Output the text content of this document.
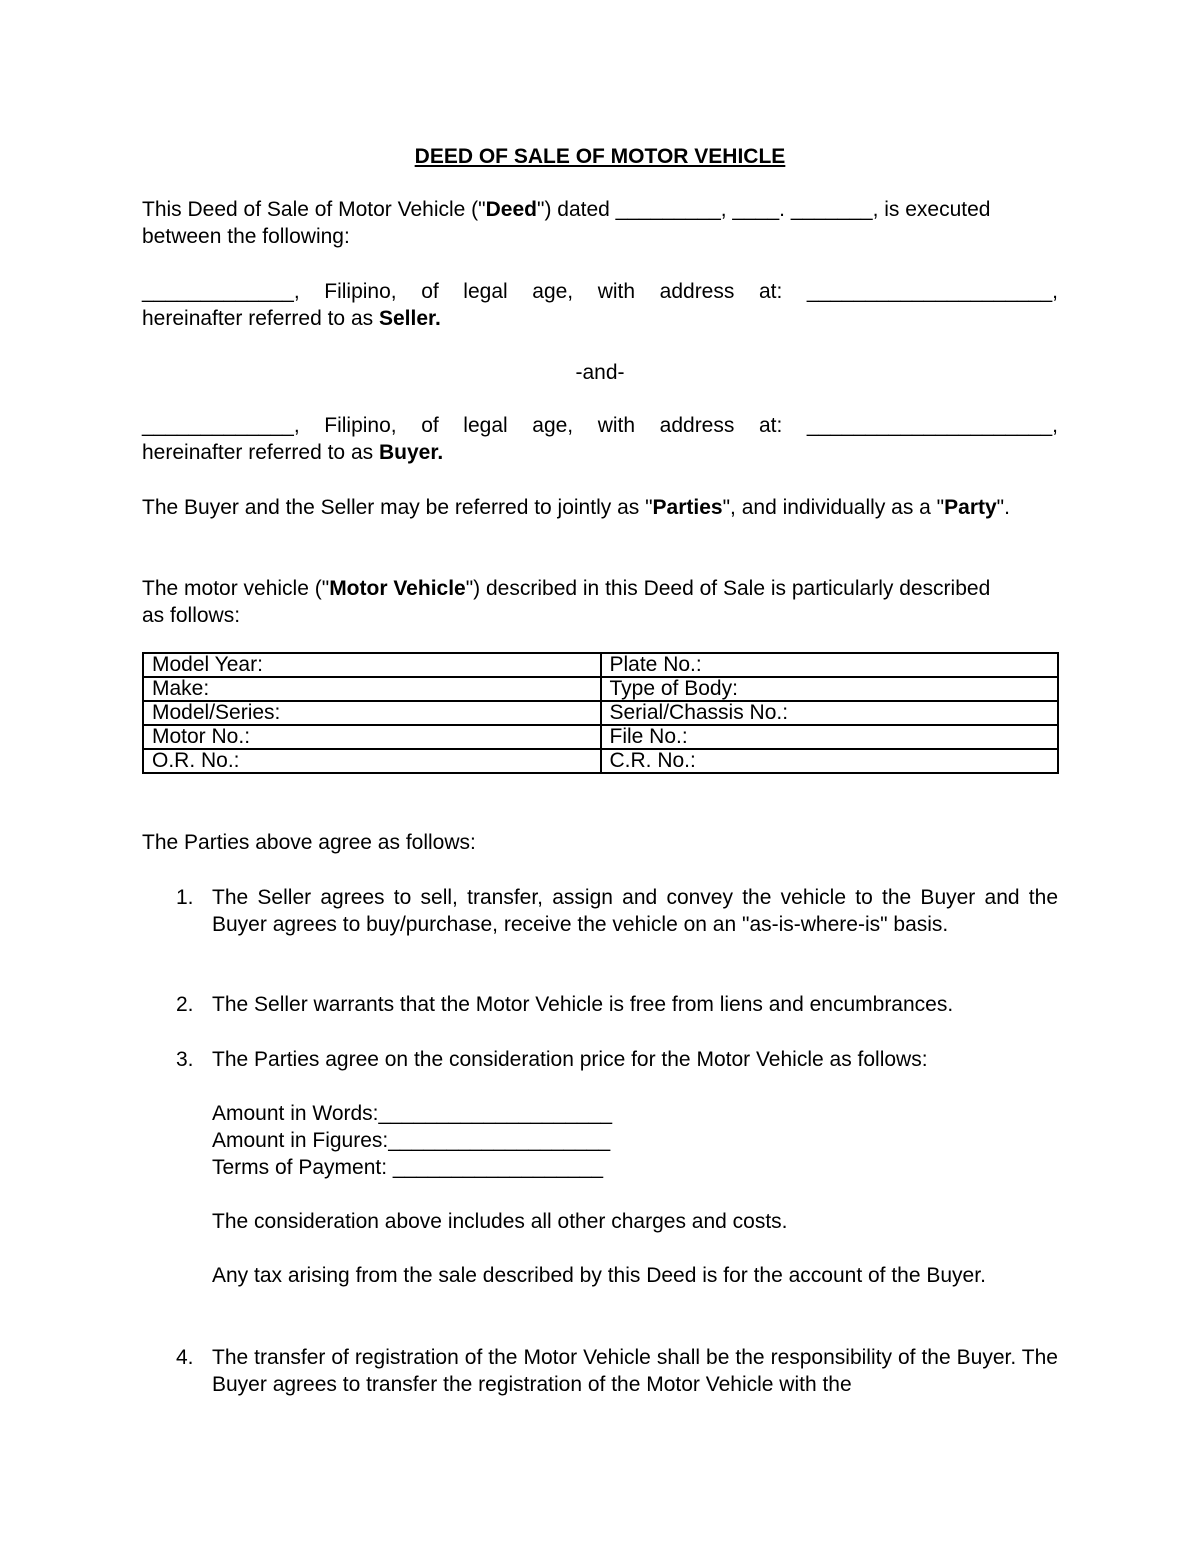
DEED OF SALE OF MOTOR VEHICLE
This Deed of Sale of Motor Vehicle ("Deed") dated _________, ____. _______, is executed between the following:
_____________, Filipino, of legal age, with address at: _____________________,
hereinafter referred to as Seller.
-and-
_____________, Filipino, of legal age, with address at: _____________________,
hereinafter referred to as Buyer.
The Buyer and the Seller may be referred to jointly as "Parties", and individually as a "Party".
The motor vehicle ("Motor Vehicle") described in this Deed of Sale is particularly described as follows:
Model Year:	Plate No.:
Make:	Type of Body:
Model/Series:	Serial/Chassis No.:
Motor No.:	File No.:
O.R. No.:	C.R. No.:
The Parties above agree as follows:
1. The Seller agrees to sell, transfer, assign and convey the vehicle to the Buyer and the Buyer agrees to buy/purchase, receive the vehicle on an "as-is-where-is" basis.
2. The Seller warrants that the Motor Vehicle is free from liens and encumbrances.
3. The Parties agree on the consideration price for the Motor Vehicle as follows:
Amount in Words:____________________
Amount in Figures:___________________
Terms of Payment: __________________
The consideration above includes all other charges and costs.
Any tax arising from the sale described by this Deed is for the account of the Buyer.
4. The transfer of registration of the Motor Vehicle shall be the responsibility of the Buyer. The Buyer agrees to transfer the registration of the Motor Vehicle with the
